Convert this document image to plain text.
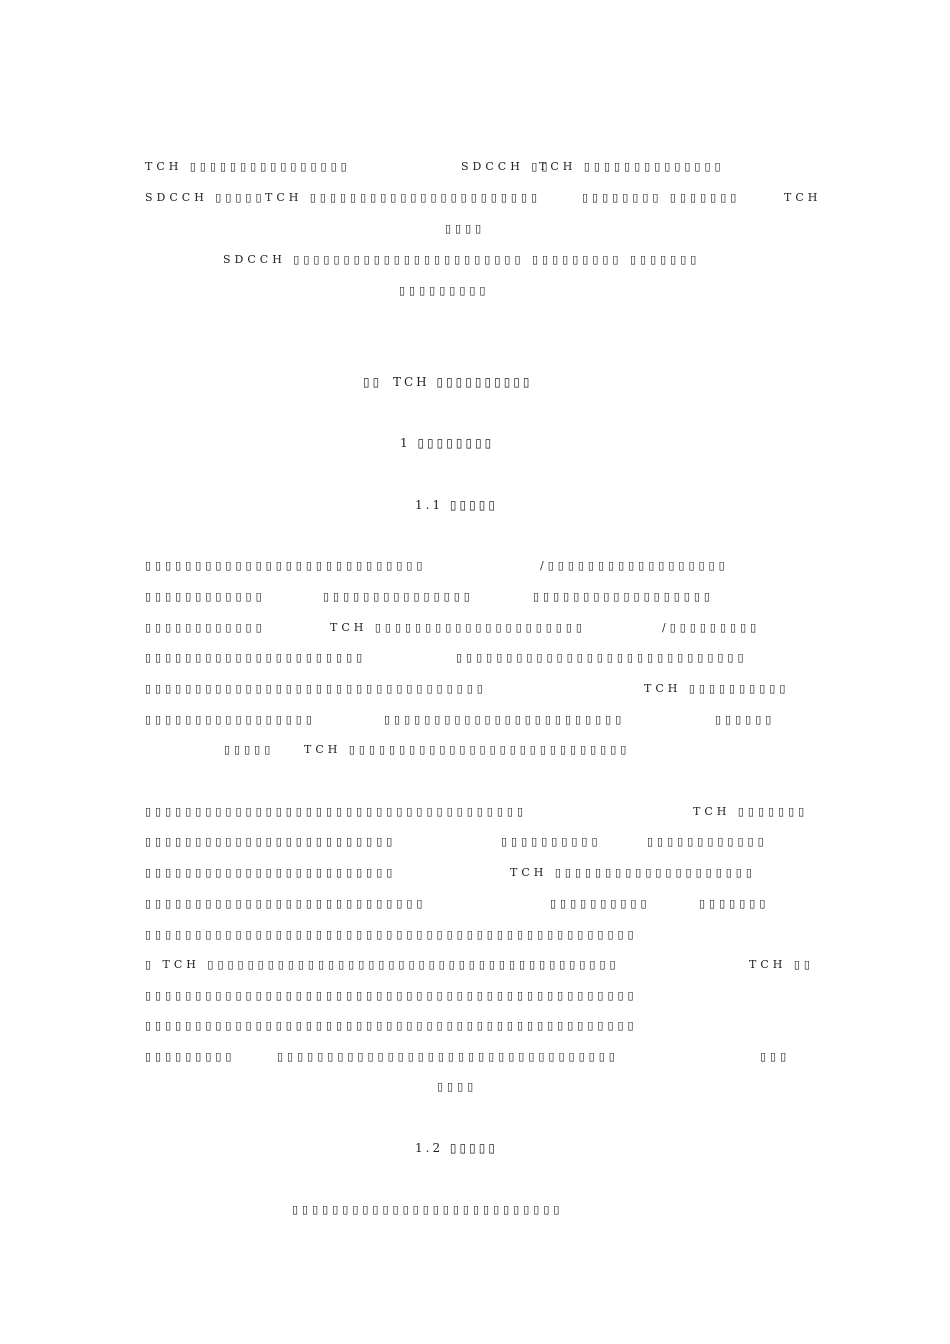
TCH ▯▯▯▯▯▯▯▯▯▯▯▯▯▯▯▯	SDCCH ▯▯
TCH ▯▯▯▯▯▯▯▯▯▯▯▯▯▯
SDCCH ▯▯▯▯▯ TCH ▯▯▯▯▯▯▯▯▯▯▯▯▯▯▯▯▯▯▯▯▯▯▯	▯▯▯▯▯▯▯▯ ▯▯▯▯▯▯▯	TCH
▯▯▯▯
SDCCH ▯▯▯▯▯▯▯▯▯▯▯▯▯▯▯▯▯▯▯▯▯▯▯ ▯▯▯▯▯▯▯▯▯ ▯▯▯▯▯▯▯
▯▯▯▯▯▯▯▯▯
▯▯ TCH ▯▯▯▯▯▯▯▯▯▯
1 ▯▯▯▯▯▯▯▯
1.1 ▯▯▯▯▯
▯▯▯▯▯▯▯▯▯▯▯▯▯▯▯▯▯▯▯▯▯▯▯▯▯▯▯▯	/▯▯▯▯▯▯▯▯▯▯▯▯▯▯▯▯▯▯
▯▯▯▯▯▯▯▯▯▯▯▯	▯▯▯▯▯▯▯▯▯▯▯▯▯▯▯	▯▯▯▯▯▯▯▯▯▯▯▯▯▯▯▯▯▯
▯▯▯▯▯▯▯▯▯▯▯▯	TCH ▯▯▯▯▯▯▯▯▯▯▯▯▯▯▯▯▯▯▯▯▯	/▯▯▯▯▯▯▯▯▯
▯▯▯▯▯▯▯▯▯▯▯▯▯▯▯▯▯▯▯▯▯▯	▯▯▯▯▯▯▯▯▯▯▯▯▯▯▯▯▯▯▯▯▯▯▯▯▯▯▯▯▯
▯▯▯▯▯▯▯▯▯▯▯▯▯▯▯▯▯▯▯▯▯▯▯▯▯▯▯▯▯▯▯▯▯▯	TCH ▯▯▯▯▯▯▯▯▯▯
▯▯▯▯▯▯▯▯▯▯▯▯▯▯▯▯▯	▯▯▯▯▯▯▯▯▯▯▯▯▯▯▯▯▯▯▯▯▯▯▯▯	▯▯▯▯▯▯
▯▯▯▯▯	TCH ▯▯▯▯▯▯▯▯▯▯▯▯▯▯▯▯▯▯▯▯▯▯▯▯▯▯▯▯
▯▯▯▯▯▯▯▯▯▯▯▯▯▯▯▯▯▯▯▯▯▯▯▯▯▯▯▯▯▯▯▯▯▯▯▯▯▯	TCH ▯▯▯▯▯▯▯
▯▯▯▯▯▯▯▯▯▯▯▯▯▯▯▯▯▯▯▯▯▯▯▯▯	▯▯▯▯▯▯▯▯▯▯	▯▯▯▯▯▯▯▯▯▯▯▯
▯▯▯▯▯▯▯▯▯▯▯▯▯▯▯▯▯▯▯▯▯▯▯▯▯	TCH ▯▯▯▯▯▯▯▯▯▯▯▯▯▯▯▯▯▯▯▯
▯▯▯▯▯▯▯▯▯▯▯▯▯▯▯▯▯▯▯▯▯▯▯▯▯▯▯▯	▯▯▯▯▯▯▯▯▯▯	▯▯▯▯▯▯▯
▯▯▯▯▯▯▯▯▯▯▯▯▯▯▯▯▯▯▯▯▯▯▯▯▯▯▯▯▯▯▯▯▯▯▯▯▯▯▯▯▯▯▯▯▯▯▯▯▯
▯ TCH ▯▯▯▯▯▯▯▯▯▯▯▯▯▯▯▯▯▯▯▯▯▯▯▯▯▯▯▯▯▯▯▯▯▯▯▯▯▯▯▯▯	TCH ▯▯
▯▯▯▯▯▯▯▯▯▯▯▯▯▯▯▯▯▯▯▯▯▯▯▯▯▯▯▯▯▯▯▯▯▯▯▯▯▯▯▯▯▯▯▯▯▯▯▯▯
▯▯▯▯▯▯▯▯▯▯▯▯▯▯▯▯▯▯▯▯▯▯▯▯▯▯▯▯▯▯▯▯▯▯▯▯▯▯▯▯▯▯▯▯▯▯▯▯▯
▯▯▯▯▯▯▯▯▯	▯▯▯▯▯▯▯▯▯▯▯▯▯▯▯▯▯▯▯▯▯▯▯▯▯▯▯▯▯▯▯▯▯▯	▯▯▯
▯▯▯▯
1.2 ▯▯▯▯▯
▯▯▯▯▯▯▯▯▯▯▯▯▯▯▯▯▯▯▯▯▯▯▯▯▯▯▯
